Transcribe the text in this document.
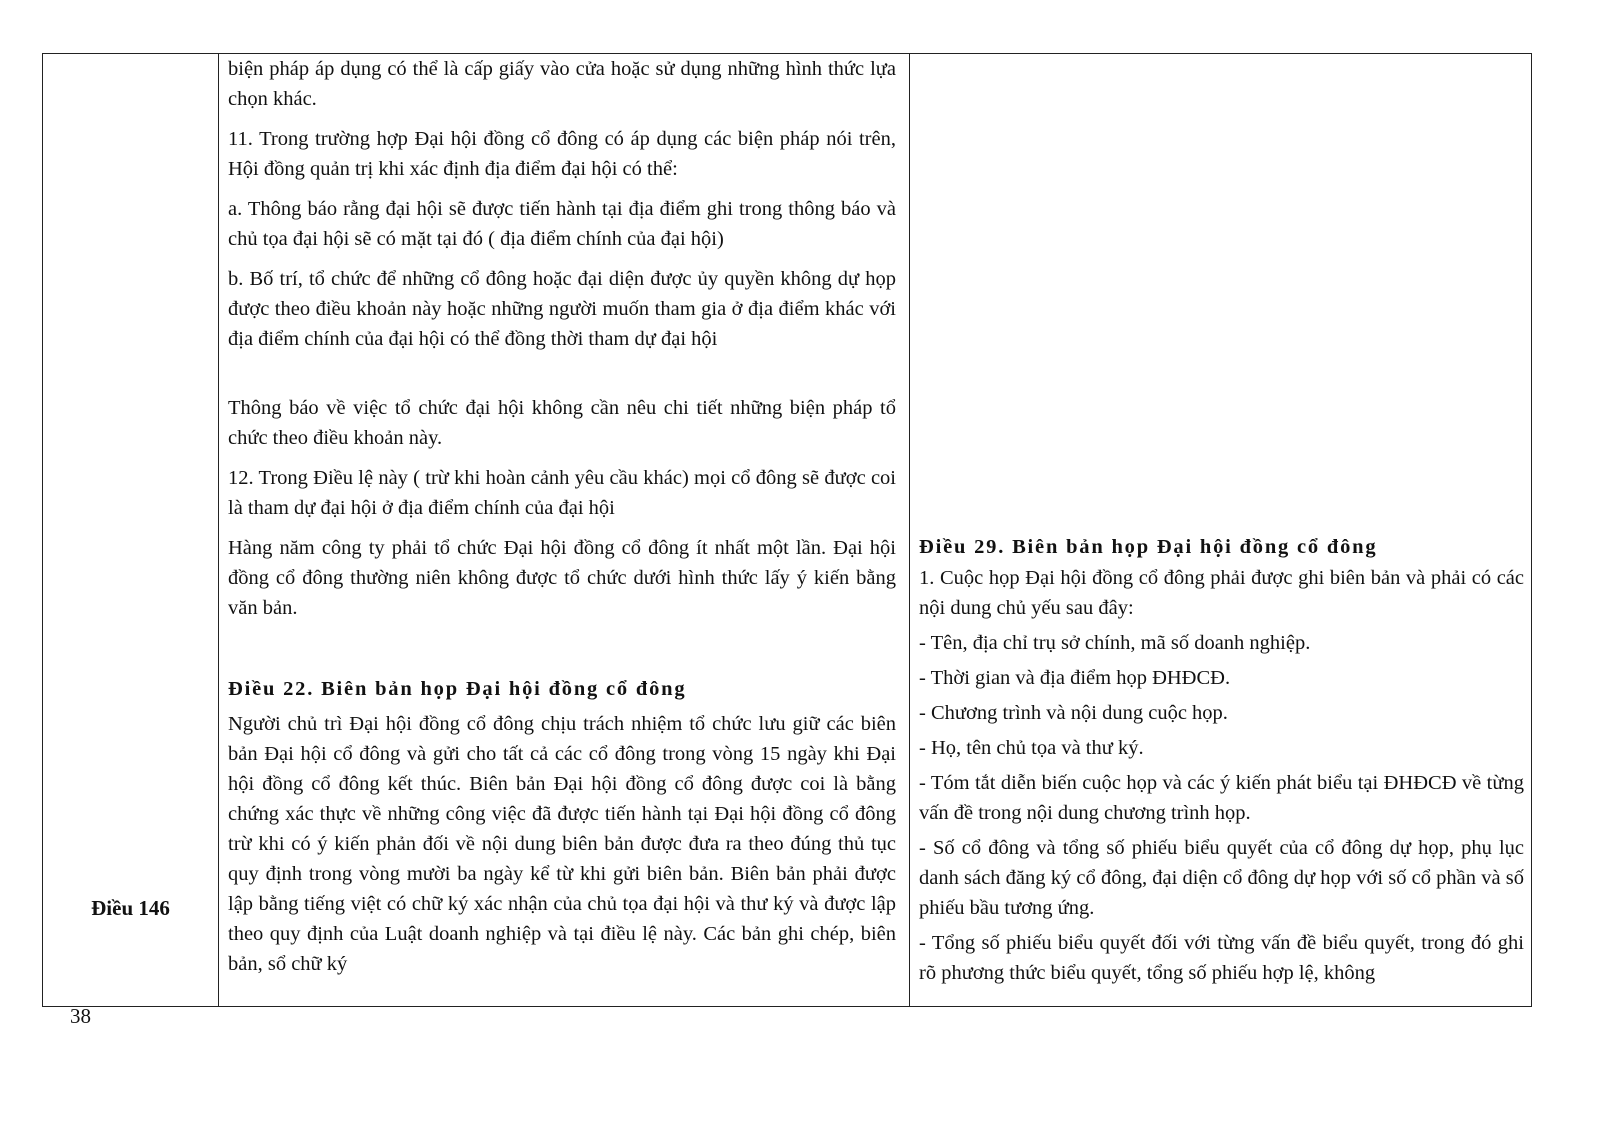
Điều 146

biện pháp áp dụng có thể là cấp giấy vào cửa hoặc sử dụng những hình thức lựa chọn khác.

11. Trong trường hợp Đại hội đồng cổ đông có áp dụng các biện pháp nói trên, Hội đồng quản trị khi xác định địa điểm đại hội có thể:

a. Thông báo rằng đại hội sẽ được tiến hành tại địa điểm ghi trong thông báo và chủ tọa đại hội sẽ có mặt tại đó ( địa điểm chính của đại hội)

b. Bố trí, tổ chức để những cổ đông hoặc đại diện được ủy quyền không dự họp được theo điều khoản này hoặc những người muốn tham gia ở địa điểm khác với địa điểm chính của đại hội có thể đồng thời tham dự đại hội

Thông báo về việc tổ chức đại hội không cần nêu chi tiết những biện pháp tổ chức theo điều khoản này.

12. Trong Điều lệ này ( trừ khi hoàn cảnh yêu cầu khác) mọi cổ đông sẽ được coi là tham dự đại hội ở địa điểm chính của đại hội

Hàng năm công ty phải tổ chức Đại hội đồng cổ đông ít nhất một lần. Đại hội đồng cổ đông thường niên không được tổ chức dưới hình thức lấy ý kiến bằng văn bản.

Điều 22. Biên bản họp Đại hội đồng cổ đông

Người chủ trì Đại hội đồng cổ đông chịu trách nhiệm tổ chức lưu giữ các biên bản Đại hội cổ đông và gửi cho tất cả các cổ đông trong vòng 15 ngày khi Đại hội đồng cổ đông kết thúc. Biên bản Đại hội đồng cổ đông được coi là bằng chứng xác thực về những công việc đã được tiến hành tại Đại hội đồng cổ đông trừ khi có ý kiến phản đối về nội dung biên bản được đưa ra theo đúng thủ tục quy định trong vòng mười ba ngày kể từ khi gửi biên bản. Biên bản phải được lập bằng tiếng việt có chữ ký xác nhận của chủ tọa đại hội và thư ký và được lập theo quy định của Luật doanh nghiệp và tại điều lệ này. Các bản ghi chép, biên bản, sổ chữ ký

Điều 29. Biên bản họp Đại hội đồng cổ đông

1. Cuộc họp Đại hội đồng cổ đông phải được ghi biên bản và phải có các nội dung chủ yếu sau đây:

- Tên, địa chỉ trụ sở chính, mã số doanh nghiệp.

- Thời gian và địa điểm họp ĐHĐCĐ.

- Chương trình và nội dung cuộc họp.

- Họ, tên chủ tọa và thư ký.

- Tóm tắt diễn biến cuộc họp và các ý kiến phát biểu tại ĐHĐCĐ về từng vấn đề trong nội dung chương trình họp.

- Số cổ đông và tổng số phiếu biểu quyết của cổ đông dự họp, phụ lục danh sách đăng ký cổ đông, đại diện cổ đông dự họp với số cổ phần và số phiếu bầu tương ứng.

- Tổng số phiếu biểu quyết đối với từng vấn đề biểu quyết, trong đó ghi rõ phương thức biểu quyết, tổng số phiếu hợp lệ, không

38
